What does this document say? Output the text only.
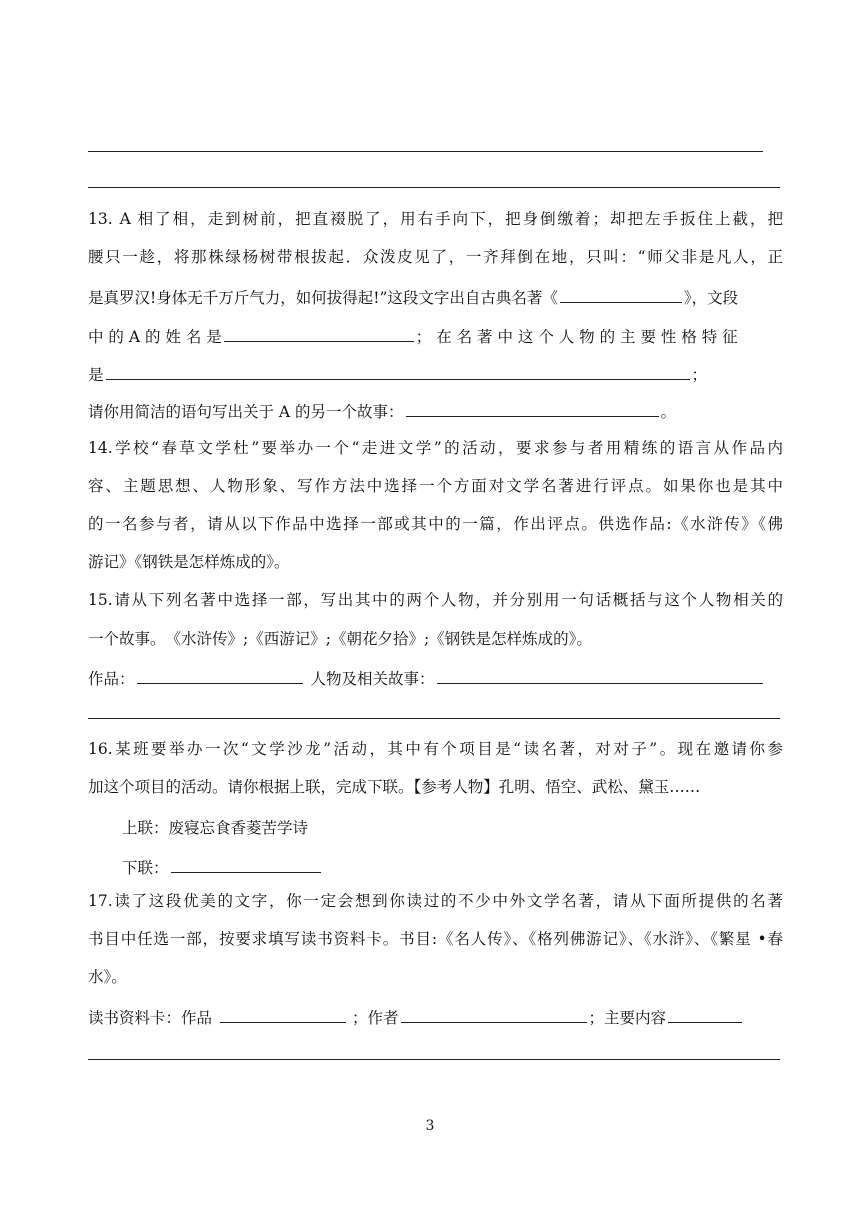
13. A 相了相，走到树前，把直裰脱了，用右手向下，把身倒缴着；却把左手扳住上截，把
腰只一趁，将那株绿杨树带根拔起．众泼皮见了，一齐拜倒在地，只叫：“师父非是凡人，正
是真罗汉!身体无千万斤气力，如何拔得起!”这段文字出自古典名著《	》，文段
中 的 A 的 姓 名 是	； 在 名 著 中 这 个 人 物 的 主 要 性 格 特 征
是	；
请你用简洁的语句写出关于 A 的另一个故事：	。
14.学校“春草文学杜”要举办一个“走进文学”的活动，要求参与者用精练的语言从作品内
容、主题思想、人物形象、写作方法中选择一个方面对文学名著进行评点。如果你也是其中
的一名参与者，请从以下作品中选择一部或其中的一篇，作出评点。供选作品:《水浒传》《佛
游记》《钢铁是怎样炼成的》。
15.请从下列名著中选择一部，写出其中的两个人物，并分别用一句话概括与这个人物相关的
一个故事。　《水浒传》;《西游记》;《朝花夕拾》;《钢铁是怎样炼成的》。
作品：	人物及相关故事：
16.某班要举办一次“文学沙龙”活动，其中有个项目是“读名著，对对子”。现在邀请你参
加这个项目的活动。请你根据上联，完成下联。【参考人物】孔明、悟空、武松、黛玉……
上联：废寝忘食香菱苦学诗
下联：
17.读了这段优美的文字，你一定会想到你读过的不少中外文学名著，请从下面所提供的名著
书目中任选一部，按要求填写读书资料卡。书目:《名人传》、《格列佛游记》、《水浒》、《繁星 •春
水》。
读书资料卡：作品	；作者	；主要内容
3
